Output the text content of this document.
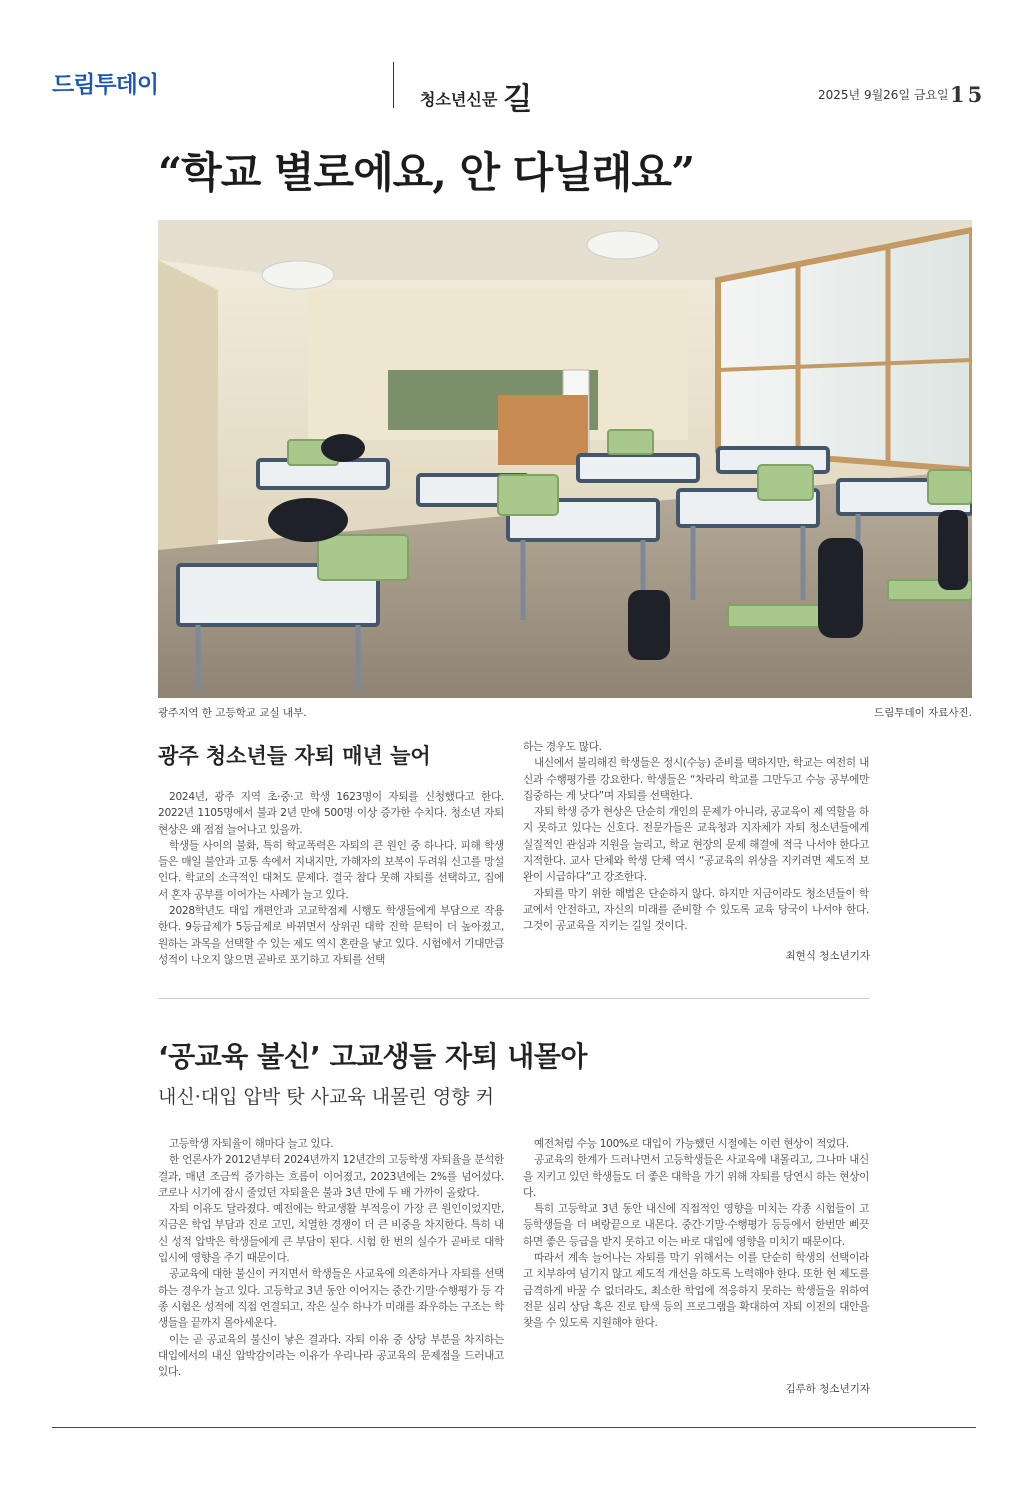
드림투데이
청소년신문 길	2025년 9월26일 금요일 15
“학교 별로에요, 안 다닐래요”
광주지역 한 고등학교 교실 내부.	드림투데이 자료사진.
광주 청소년들 자퇴 매년 늘어

2024년, 광주 지역 초·중·고 학생 1623명이 자퇴를 신청했다고 한다. 2022년 1105명에서 불과 2년 만에 500명 이상 증가한 수치다. 청소년 자퇴 현상은 왜 점점 늘어나고 있을까.

학생들 사이의 불화, 특히 학교폭력은 자퇴의 큰 원인 중 하나다. 피해 학생들은 매일 불안과 고통 속에서 지내지만, 가해자의 보복이 두려워 신고를 망설인다. 학교의 소극적인 대처도 문제다. 결국 참다 못해 자퇴를 선택하고, 집에서 혼자 공부를 이어가는 사례가 늘고 있다.

2028학년도 대입 개편안과 고교학점제 시행도 학생들에게 부담으로 작용한다. 9등급제가 5등급제로 바뀌면서 상위권 대학 진학 문턱이 더 높아졌고, 원하는 과목을 선택할 수 있는 제도 역시 혼란을 낳고 있다. 시험에서 기대만큼 성적이 나오지 않으면 곧바로 포기하고 자퇴를 선택

하는 경우도 많다.

내신에서 불리해진 학생들은 정시(수능) 준비를 택하지만, 학교는 여전히 내신과 수행평가를 강요한다. 학생들은 “차라리 학교를 그만두고 수능 공부에만 집중하는 게 낫다”며 자퇴를 선택한다.

자퇴 학생 증가 현상은 단순히 개인의 문제가 아니라, 공교육이 제 역할을 하지 못하고 있다는 신호다. 전문가들은 교육청과 지자체가 자퇴 청소년들에게 실질적인 관심과 지원을 늘리고, 학교 현장의 문제 해결에 적극 나서야 한다고 지적한다. 교사 단체와 학생 단체 역시 “공교육의 위상을 지키려면 제도적 보완이 시급하다”고 강조한다.

자퇴를 막기 위한 해법은 단순하지 않다. 하지만 지금이라도 청소년들이 학교에서 안전하고, 자신의 미래를 준비할 수 있도록 교육 당국이 나서야 한다. 그것이 공교육을 지키는 길일 것이다.

최현식 청소년기자
‘공교육 불신’ 고교생들 자퇴 내몰아
내신·대입 압박 탓 사교육 내몰린 영향 커

고등학생 자퇴율이 해마다 늘고 있다.

한 언론사가 2012년부터 2024년까지 12년간의 고등학생 자퇴율을 분석한 결과, 매년 조금씩 증가하는 흐름이 이어졌고, 2023년에는 2%를 넘어섰다. 코로나 시기에 잠시 줄었던 자퇴율은 불과 3년 만에 두 배 가까이 올랐다.

자퇴 이유도 달라졌다. 예전에는 학교생활 부적응이 가장 큰 원인이었지만, 지금은 학업 부담과 진로 고민, 치열한 경쟁이 더 큰 비중을 차지한다. 특히 내신 성적 압박은 학생들에게 큰 부담이 된다. 시험 한 번의 실수가 곧바로 대학 입시에 영향을 주기 때문이다.

공교육에 대한 불신이 커지면서 학생들은 사교육에 의존하거나 자퇴를 선택하는 경우가 늘고 있다. 고등학교 3년 동안 이어지는 중간·기말·수행평가 등 각종 시험은 성적에 직접 연결되고, 작은 실수 하나가 미래를 좌우하는 구조는 학생들을 끝까지 몰아세운다.

이는 곧 공교육의 불신이 낳은 결과다. 자퇴 이유 중 상당 부분을 차지하는 대입에서의 내신 압박감이라는 이유가 우리나라 공교육의 문제점을 드러내고 있다.

예전처럼 수능 100%로 대입이 가능했던 시절에는 이런 현상이 적었다.

공교육의 한계가 드러나면서 고등학생들은 사교육에 내몰리고, 그나마 내신을 지키고 있던 학생들도 더 좋은 대학을 가기 위해 자퇴를 당연시 하는 현상이다.

특히 고등학교 3년 동안 내신에 직접적인 영향을 미치는 각종 시험들이 고등학생들을 더 벼랑끝으로 내몬다. 중간·기말·수행평가 등등에서 한번만 삐끗하면 좋은 등급을 받지 못하고 이는 바로 대입에 영향을 미치기 때문이다.

따라서 계속 늘어나는 자퇴를 막기 위해서는 이를 단순히 학생의 선택이라고 치부하여 넘기지 않고 제도적 개선을 하도록 노력해야 한다. 또한 현 제도를 급격하게 바꿀 수 없더라도, 최소한 학업에 적응하지 못하는 학생들을 위하여 전문 심리 상담 혹은 진로 탐색 등의 프로그램을 확대하여 자퇴 이전의 대안을 찾을 수 있도록 지원해야 한다.

김루하 청소년기자
